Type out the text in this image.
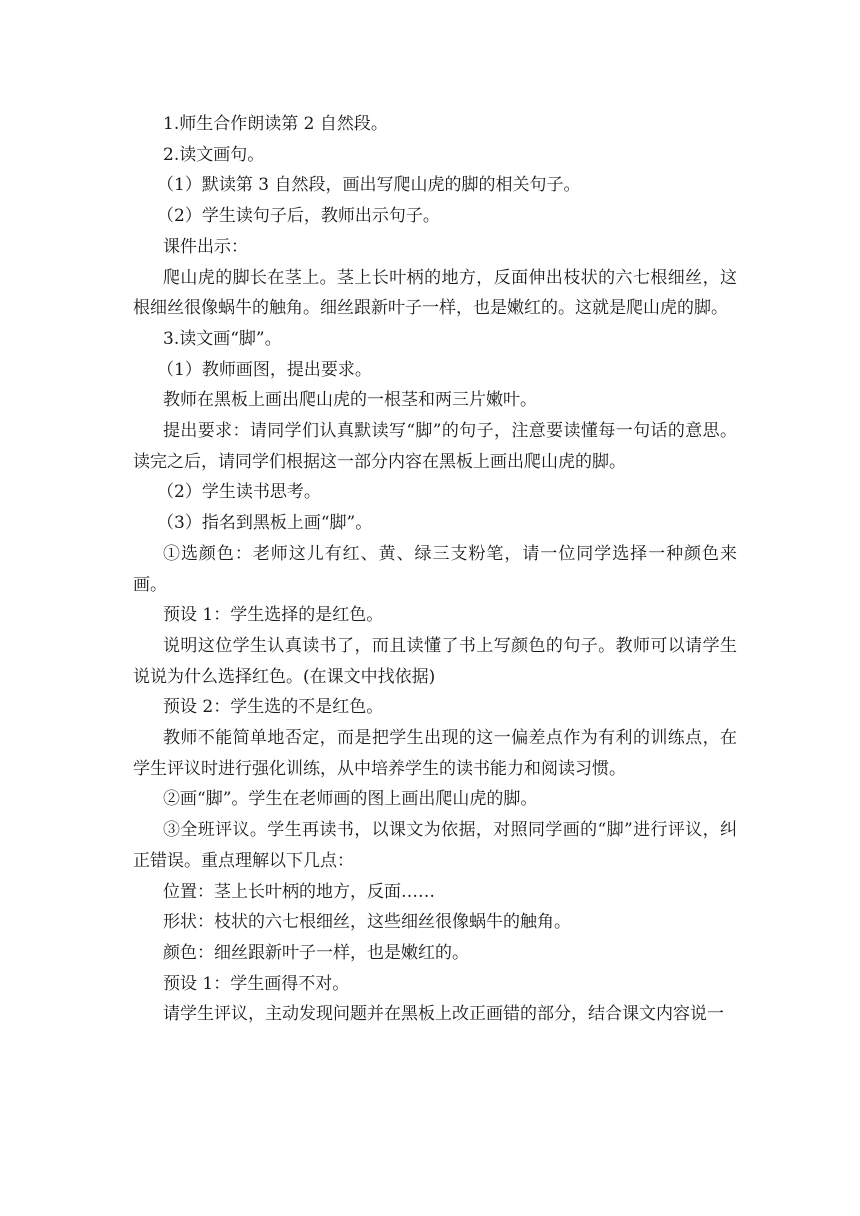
1.师生合作朗读第 2 自然段。

2.读文画句。

（1）默读第 3 自然段，画出写爬山虎的脚的相关句子。

（2）学生读句子后，教师出示句子。

课件出示：

爬山虎的脚长在茎上。茎上长叶柄的地方，反面伸出枝状的六七根细丝，这根细丝很像蜗牛的触角。细丝跟新叶子一样，也是嫩红的。这就是爬山虎的脚。

3.读文画“脚”。

（1）教师画图，提出要求。

教师在黑板上画出爬山虎的一根茎和两三片嫩叶。

提出要求：请同学们认真默读写“脚”的句子，注意要读懂每一句话的意思。读完之后，请同学们根据这一部分内容在黑板上画出爬山虎的脚。

（2）学生读书思考。

（3）指名到黑板上画“脚”。

①选颜色：老师这儿有红、黄、绿三支粉笔，请一位同学选择一种颜色来画。

预设 1：学生选择的是红色。

说明这位学生认真读书了，而且读懂了书上写颜色的句子。教师可以请学生说说为什么选择红色。(在课文中找依据)

预设 2：学生选的不是红色。

教师不能简单地否定，而是把学生出现的这一偏差点作为有利的训练点，在学生评议时进行强化训练，从中培养学生的读书能力和阅读习惯。

②画“脚”。学生在老师画的图上画出爬山虎的脚。

③全班评议。学生再读书，以课文为依据，对照同学画的“脚”进行评议，纠正错误。重点理解以下几点：

位置：茎上长叶柄的地方，反面……

形状：枝状的六七根细丝，这些细丝很像蜗牛的触角。

颜色：细丝跟新叶子一样，也是嫩红的。

预设 1：学生画得不对。

请学生评议，主动发现问题并在黑板上改正画错的部分，结合课文内容说一
